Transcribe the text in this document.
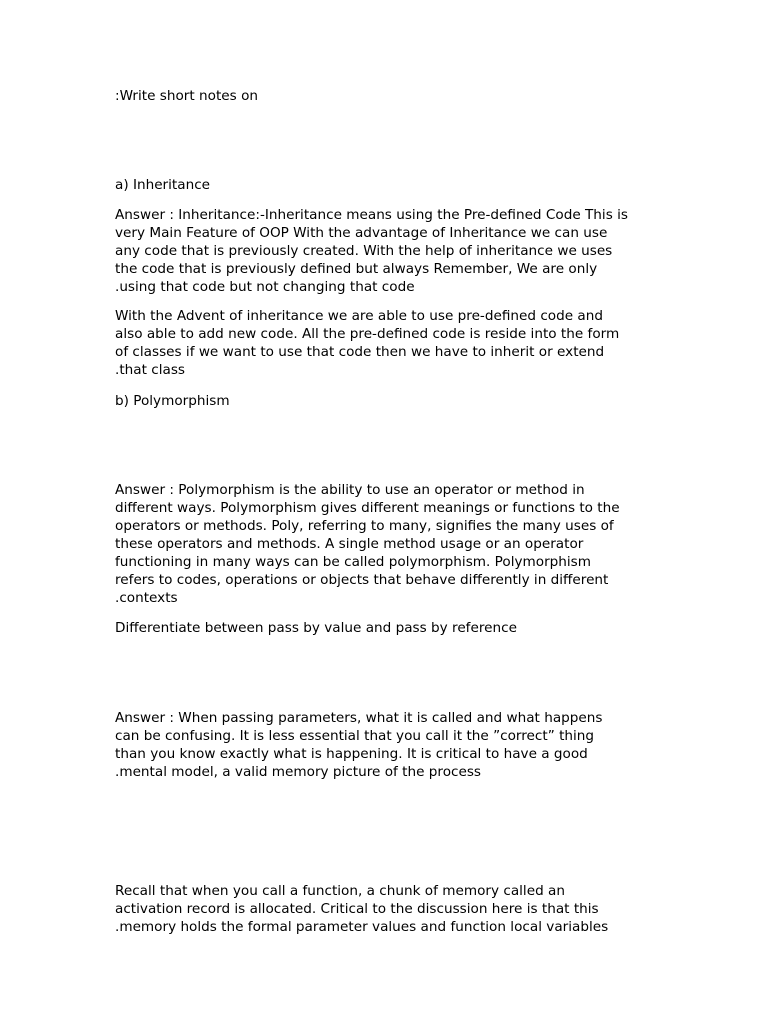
:Write short notes on

a) Inheritance

Answer : Inheritance:-Inheritance means using the Pre-defined Code This is
very Main Feature of OOP With the advantage of Inheritance we can use
any code that is previously created. With the help of inheritance we uses
the code that is previously defined but always Remember, We are only
.using that code but not changing that code

With the Advent of inheritance we are able to use pre-defined code and
also able to add new code. All the pre-defined code is reside into the form
of classes if we want to use that code then we have to inherit or extend
.that class

b) Polymorphism

Answer : Polymorphism is the ability to use an operator or method in
different ways. Polymorphism gives different meanings or functions to the
operators or methods. Poly, referring to many, signifies the many uses of
these operators and methods. A single method usage or an operator
functioning in many ways can be called polymorphism. Polymorphism
refers to codes, operations or objects that behave differently in different
.contexts

Differentiate between pass by value and pass by reference

Answer : When passing parameters, what it is called and what happens
can be confusing. It is less essential that you call it the ”correct” thing
than you know exactly what is happening. It is critical to have a good
.mental model, a valid memory picture of the process

Recall that when you call a function, a chunk of memory called an
activation record is allocated. Critical to the discussion here is that this
.memory holds the formal parameter values and function local variables
